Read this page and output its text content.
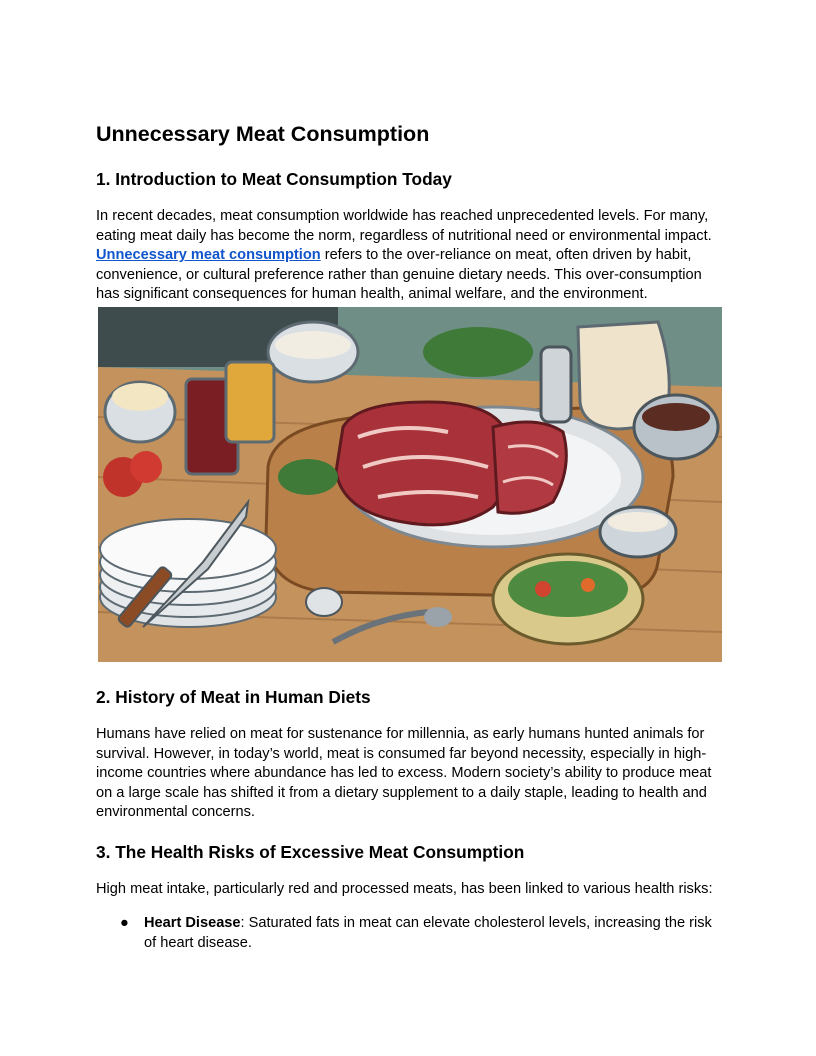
Unnecessary Meat Consumption
1. Introduction to Meat Consumption Today

In recent decades, meat consumption worldwide has reached unprecedented levels. For many, eating meat daily has become the norm, regardless of nutritional need or environmental impact. Unnecessary meat consumption refers to the over-reliance on meat, often driven by habit, convenience, or cultural preference rather than genuine dietary needs. This over-consumption has significant consequences for human health, animal welfare, and the environment.

2. History of Meat in Human Diets

Humans have relied on meat for sustenance for millennia, as early humans hunted animals for survival. However, in today’s world, meat is consumed far beyond necessity, especially in high-income countries where abundance has led to excess. Modern society’s ability to produce meat on a large scale has shifted it from a dietary supplement to a daily staple, leading to health and environmental concerns.

3. The Health Risks of Excessive Meat Consumption

High meat intake, particularly red and processed meats, has been linked to various health risks:

● Heart Disease: Saturated fats in meat can elevate cholesterol levels, increasing the risk of heart disease.
